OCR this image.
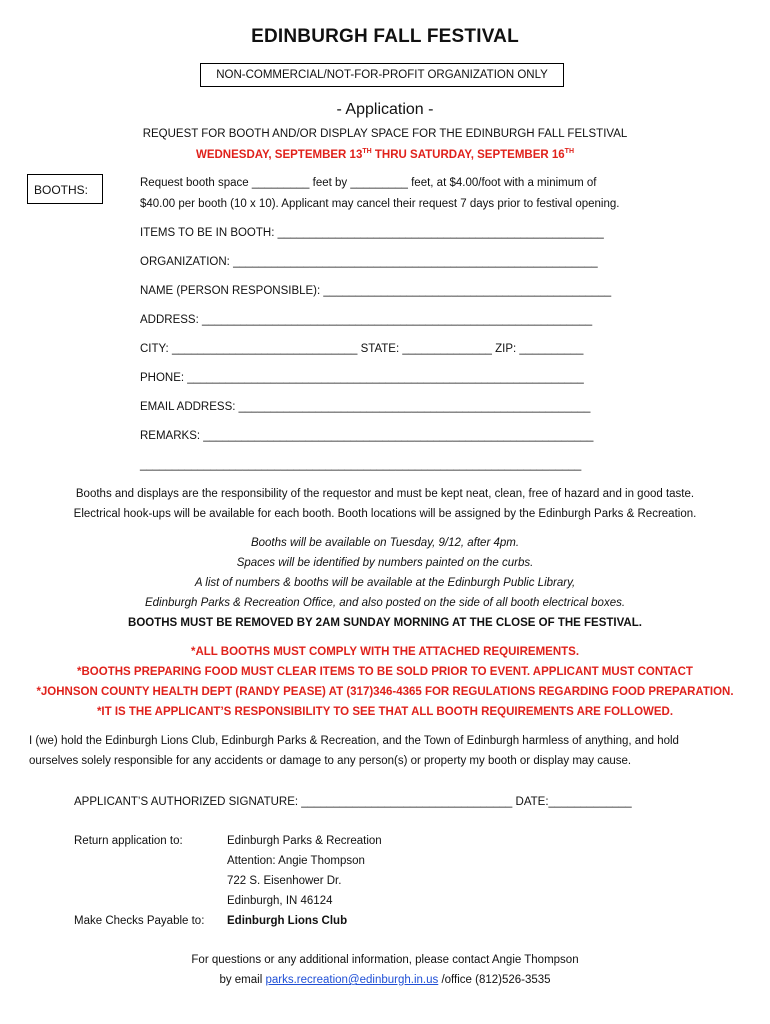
EDINBURGH FALL FESTIVAL
NON-COMMERCIAL/NOT-FOR-PROFIT ORGANIZATION ONLY
- Application -
REQUEST FOR BOOTH AND/OR DISPLAY SPACE FOR THE EDINBURGH FALL FELSTIVAL
WEDNESDAY, SEPTEMBER 13TH THRU SATURDAY, SEPTEMBER 16TH
BOOTHS:	Request booth space _________ feet by _________ feet, at $4.00/foot with a minimum of
$40.00 per booth (10 x 10). Applicant may cancel their request 7 days prior to festival opening.
ITEMS TO BE IN BOOTH: ___________________________________________________
ORGANIZATION: _________________________________________________________
NAME (PERSON RESPONSIBLE): _____________________________________________
ADDRESS: _____________________________________________________________
CITY: _____________________________ STATE: ______________ ZIP: __________
PHONE: ______________________________________________________________
EMAIL ADDRESS: _______________________________________________________
REMARKS: _____________________________________________________________
_____________________________________________________________________
Booths and displays are the responsibility of the requestor and must be kept neat, clean, free of hazard and in good taste.
Electrical hook-ups will be available for each booth. Booth locations will be assigned by the Edinburgh Parks & Recreation.
Booths will be available on Tuesday, 9/12, after 4pm.
Spaces will be identified by numbers painted on the curbs.
A list of numbers & booths will be available at the Edinburgh Public Library,
Edinburgh Parks & Recreation Office, and also posted on the side of all booth electrical boxes.
BOOTHS MUST BE REMOVED BY 2AM SUNDAY MORNING AT THE CLOSE OF THE FESTIVAL.
*ALL BOOTHS MUST COMPLY WITH THE ATTACHED REQUIREMENTS.
*BOOTHS PREPARING FOOD MUST CLEAR ITEMS TO BE SOLD PRIOR TO EVENT. APPLICANT MUST CONTACT
*JOHNSON COUNTY HEALTH DEPT (RANDY PEASE) AT (317)346-4365 FOR REGULATIONS REGARDING FOOD PREPARATION.
*IT IS THE APPLICANT’S RESPONSIBILITY TO SEE THAT ALL BOOTH REQUIREMENTS ARE FOLLOWED.
I (we) hold the Edinburgh Lions Club, Edinburgh Parks & Recreation, and the Town of Edinburgh harmless of anything, and hold
ourselves solely responsible for any accidents or damage to any person(s) or property my booth or display may cause.
APPLICANT’S AUTHORIZED SIGNATURE: _________________________________ DATE:_____________
Return application to:	Edinburgh Parks & Recreation
Attention: Angie Thompson
722 S. Eisenhower Dr.
Edinburgh, IN 46124
Make Checks Payable to: Edinburgh Lions Club
For questions or any additional information, please contact Angie Thompson
by email parks.recreation@edinburgh.in.us /office (812)526-3535
